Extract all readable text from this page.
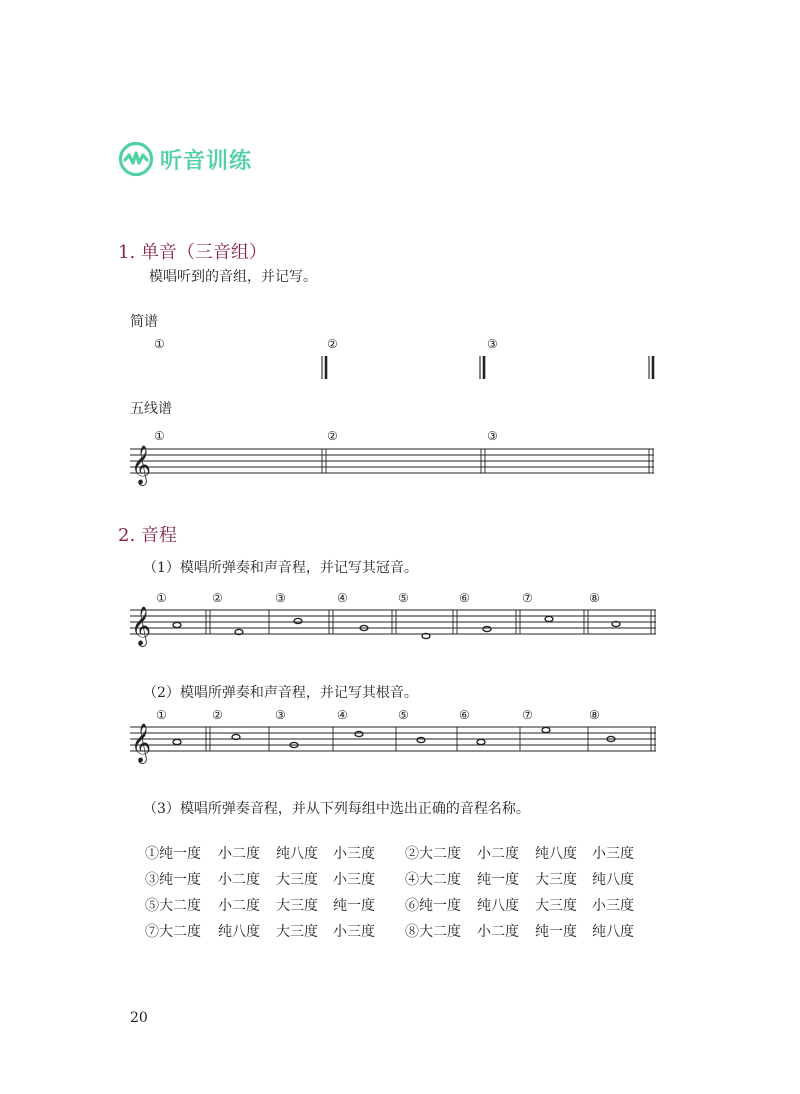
听音训练
1. 单音（三音组）
模唱听到的音组，并记写。
简谱
①	②	③
五线谱
①	②	③
𝄞
2. 音程
（1）模唱所弹奏和声音程，并记写其冠音。
①	②	③	④	⑤	⑥	⑦	⑧
𝄞
（2）模唱所弹奏和声音程，并记写其根音。
①	②	③	④	⑤	⑥	⑦	⑧
𝄞
（3）模唱所弹奏音程，并从下列每组中选出正确的音程名称。
①纯一度	小二度	纯八度	小三度	②大二度	小二度	纯八度	小三度
③纯一度	小二度	大三度	小三度	④大二度	纯一度	大三度	纯八度
⑤大二度	小二度	大三度	纯一度	⑥纯一度	纯八度	大三度	小三度
⑦大二度	纯八度	大三度	小三度	⑧大二度	小二度	纯一度	纯八度
20
